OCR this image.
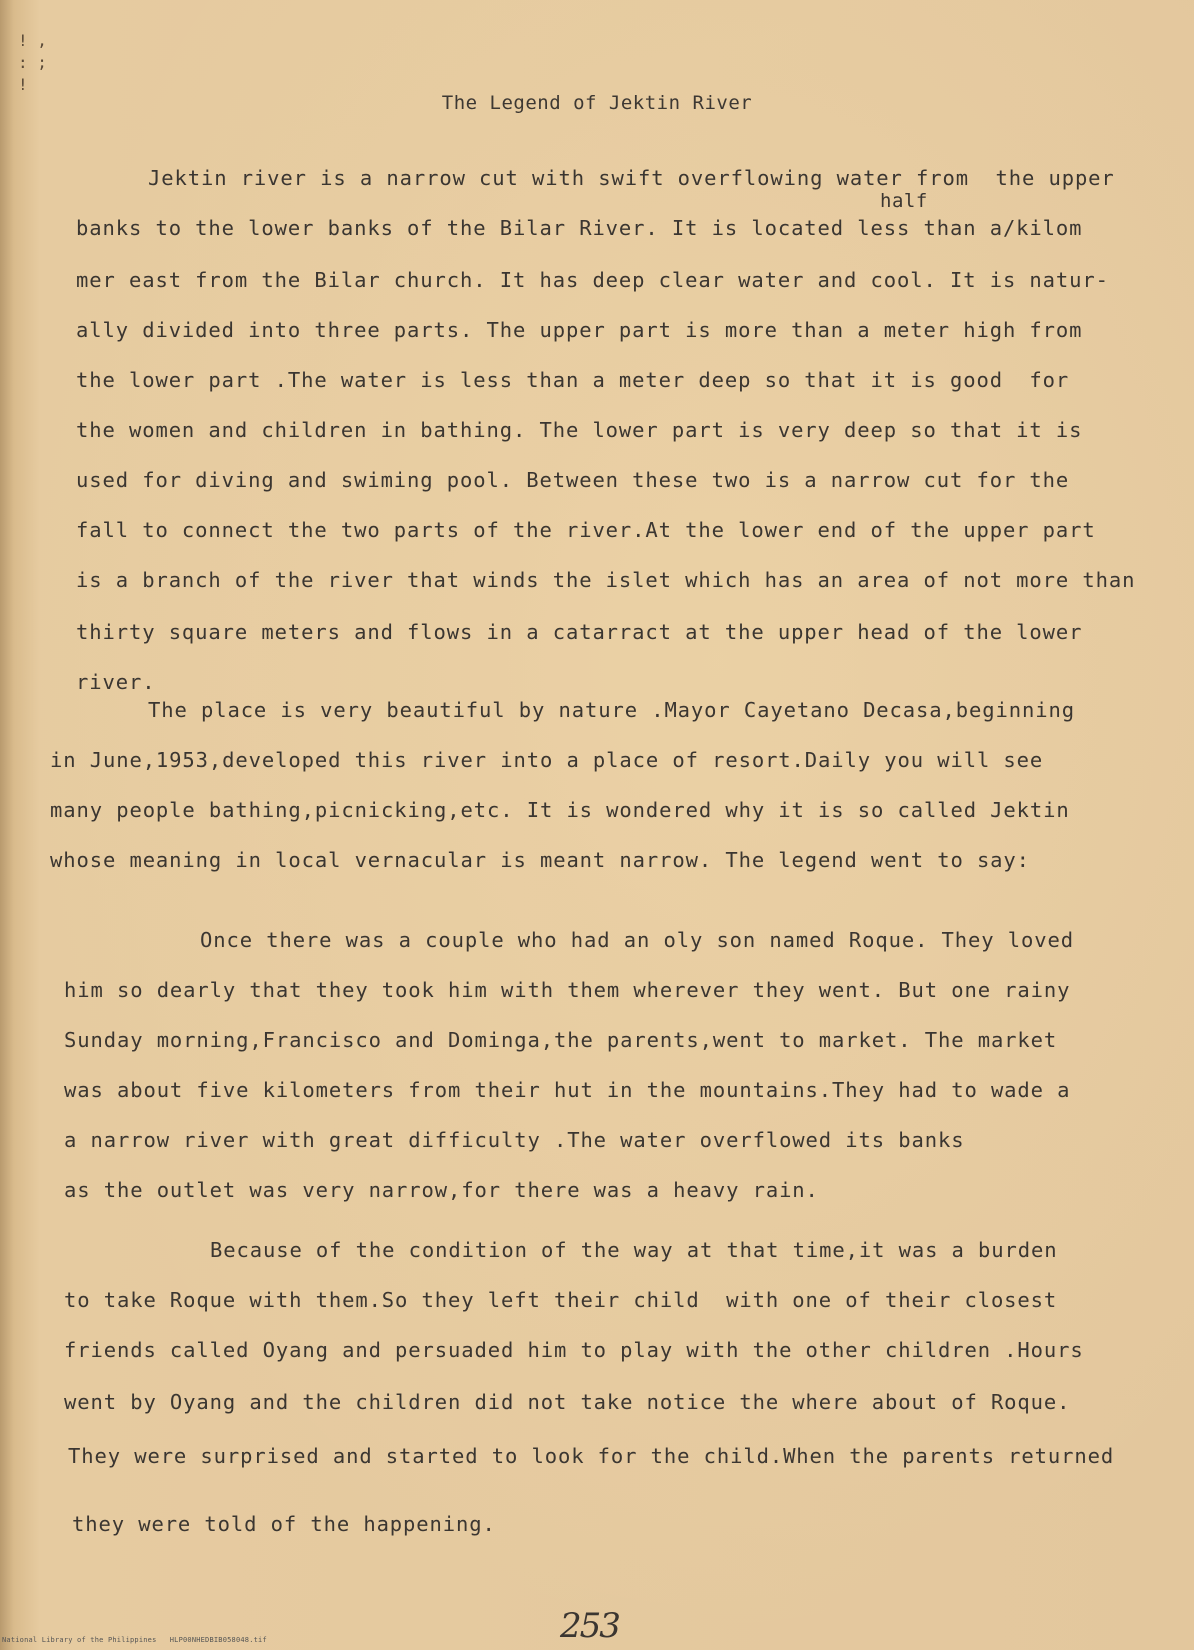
! ,
: ;
!
The Legend of Jektin River
half
Jektin river is a narrow cut with swift overflowing water from  the upper
banks to the lower banks of the Bilar River. It is located less than a/kilom
mer east from the Bilar church. It has deep clear water and cool. It is natur-
ally divided into three parts. The upper part is more than a meter high from
the lower part .The water is less than a meter deep so that it is good  for
the women and children in bathing. The lower part is very deep so that it is
used for diving and swiming pool. Between these two is a narrow cut for the
fall to connect the two parts of the river.At the lower end of the upper part
is a branch of the river that winds the islet which has an area of not more than
thirty square meters and flows in a catarract at the upper head of the lower
river.
The place is very beautiful by nature .Mayor Cayetano Decasa,beginning
in June,1953,developed this river into a place of resort.Daily you will see
many people bathing,picnicking,etc. It is wondered why it is so called Jektin
whose meaning in local vernacular is meant narrow. The legend went to say:
Once there was a couple who had an oly son named Roque. They loved
him so dearly that they took him with them wherever they went. But one rainy
Sunday morning,Francisco and Dominga,the parents,went to market. The market
was about five kilometers from their hut in the mountains.They had to wade a
a narrow river with great difficulty .The water overflowed its banks
as the outlet was very narrow,for there was a heavy rain.
Because of the condition of the way at that time,it was a burden
to take Roque with them.So they left their child  with one of their closest
friends called Oyang and persuaded him to play with the other children .Hours
went by Oyang and the children did not take notice the where about of Roque.
They were surprised and started to look for the child.When the parents returned
they were told of the happening.
253
National Library of the Philippines   HLP00NHEDBIB058048.tif
